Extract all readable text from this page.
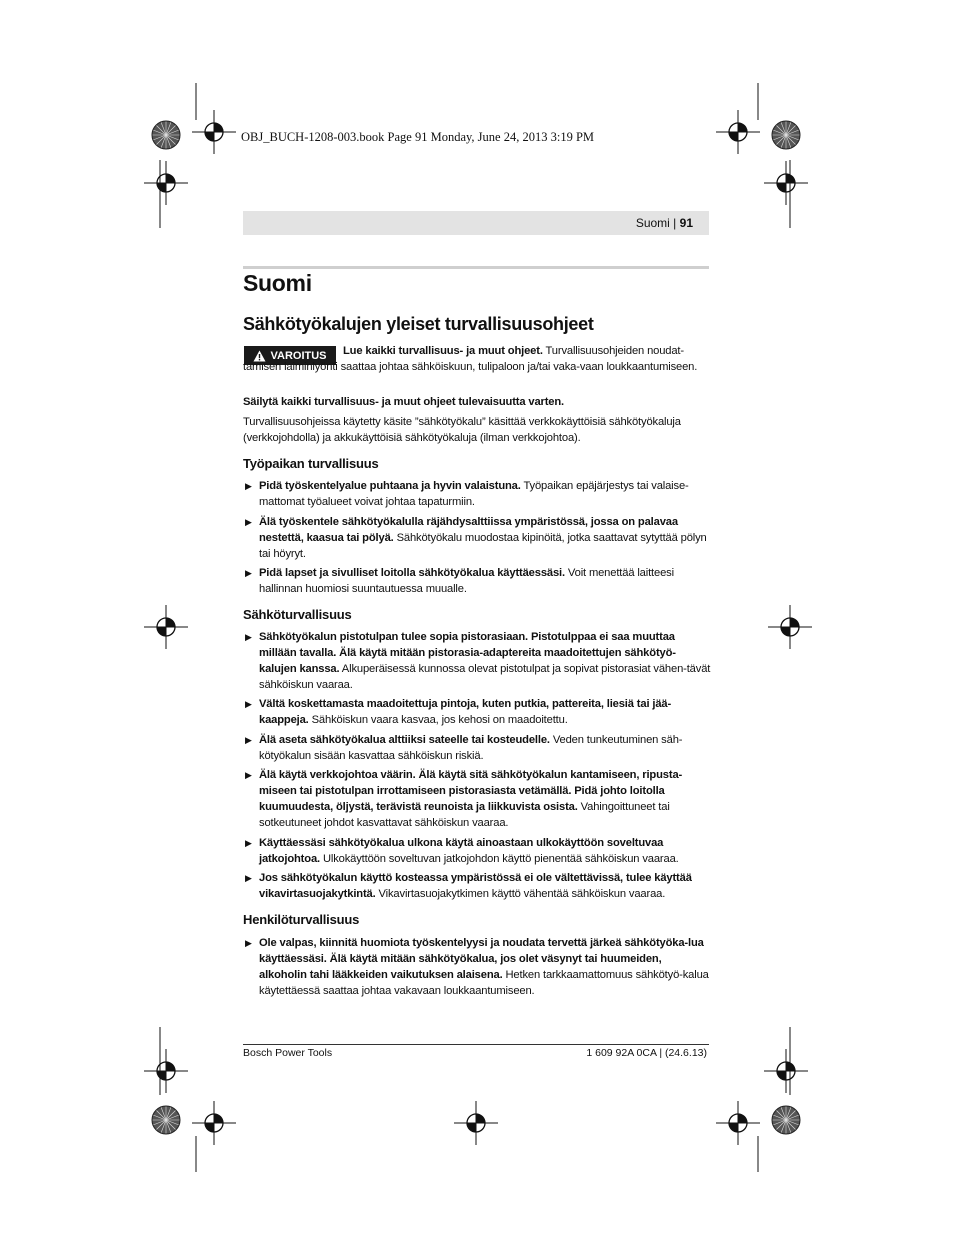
OBJ_BUCH-1208-003.book Page 91 Monday, June 24, 2013 3:19 PM
Suomi | 91
Suomi
Sähkötyökalujen yleiset turvallisuusohjeet
VAROITUS	Lue kaikki turvallisuus- ja muut ohjeet. Turvallisuusohjeiden noudat-tamisen laiminlyönti saattaa johtaa sähköiskuun, tulipaloon ja/tai vaka-vaan loukkaantumiseen.

Säilytä kaikki turvallisuus- ja muut ohjeet tulevaisuutta varten.

Turvallisuusohjeissa käytetty käsite ”sähkötyökalu” käsittää verkkokäyttöisiä sähkötyökaluja (verkkojohdolla) ja akkukäyttöisiä sähkötyökaluja (ilman verkkojohtoa).

Työpaikan turvallisuus
▶ Pidä työskentelyalue puhtaana ja hyvin valaistuna. Työpaikan epäjärjestys tai valaise-mattomat työalueet voivat johtaa tapaturmiin.
▶ Älä työskentele sähkötyökalulla räjähdysalttiissa ympäristössä, jossa on palavaa nestettä, kaasua tai pölyä. Sähkötyökalu muodostaa kipinöitä, jotka saattavat sytyttää pölyn tai höyryt.
▶ Pidä lapset ja sivulliset loitolla sähkötyökalua käyttäessäsi. Voit menettää laitteesi hallinnan huomiosi suuntautuessa muualle.
Sähköturvallisuus
▶ Sähkötyökalun pistotulpan tulee sopia pistorasiaan. Pistotulppaa ei saa muuttaa millään tavalla. Älä käytä mitään pistorasia-adaptereita maadoitettujen sähkötyö-kalujen kanssa. Alkuperäisessä kunnossa olevat pistotulpat ja sopivat pistorasiat vähen-tävät sähköiskun vaaraa.
▶ Vältä koskettamasta maadoitettuja pintoja, kuten putkia, pattereita, liesiä tai jää-kaappeja. Sähköiskun vaara kasvaa, jos kehosi on maadoitettu.
▶ Älä aseta sähkötyökalua alttiiksi sateelle tai kosteudelle. Veden tunkeutuminen säh-kötyökalun sisään kasvattaa sähköiskun riskiä.
▶ Älä käytä verkkojohtoa väärin. Älä käytä sitä sähkötyökalun kantamiseen, ripusta-miseen tai pistotulpan irrottamiseen pistorasiasta vetämällä. Pidä johto loitolla kuumuudesta, öljystä, terävistä reunoista ja liikkuvista osista. Vahingoittuneet tai sotkeutuneet johdot kasvattavat sähköiskun vaaraa.
▶ Käyttäessäsi sähkötyökalua ulkona käytä ainoastaan ulkokäyttöön soveltuvaa jatkojohtoa. Ulkokäyttöön soveltuvan jatkojohdon käyttö pienentää sähköiskun vaaraa.
▶ Jos sähkötyökalun käyttö kosteassa ympäristössä ei ole vältettävissä, tulee käyttää vikavirtasuojakytkintä. Vikavirtasuojakytkimen käyttö vähentää sähköiskun vaaraa.
Henkilöturvallisuus
▶ Ole valpas, kiinnitä huomiota työskentelyysi ja noudata tervettä järkeä sähkötyöka-lua käyttäessäsi. Älä käytä mitään sähkötyökalua, jos olet väsynyt tai huumeiden, alkoholin tahi lääkkeiden vaikutuksen alaisena. Hetken tarkkaamattomuus sähkötyö-kalua käytettäessä saattaa johtaa vakavaan loukkaantumiseen.
Bosch Power Tools	1 609 92A 0CA | (24.6.13)
